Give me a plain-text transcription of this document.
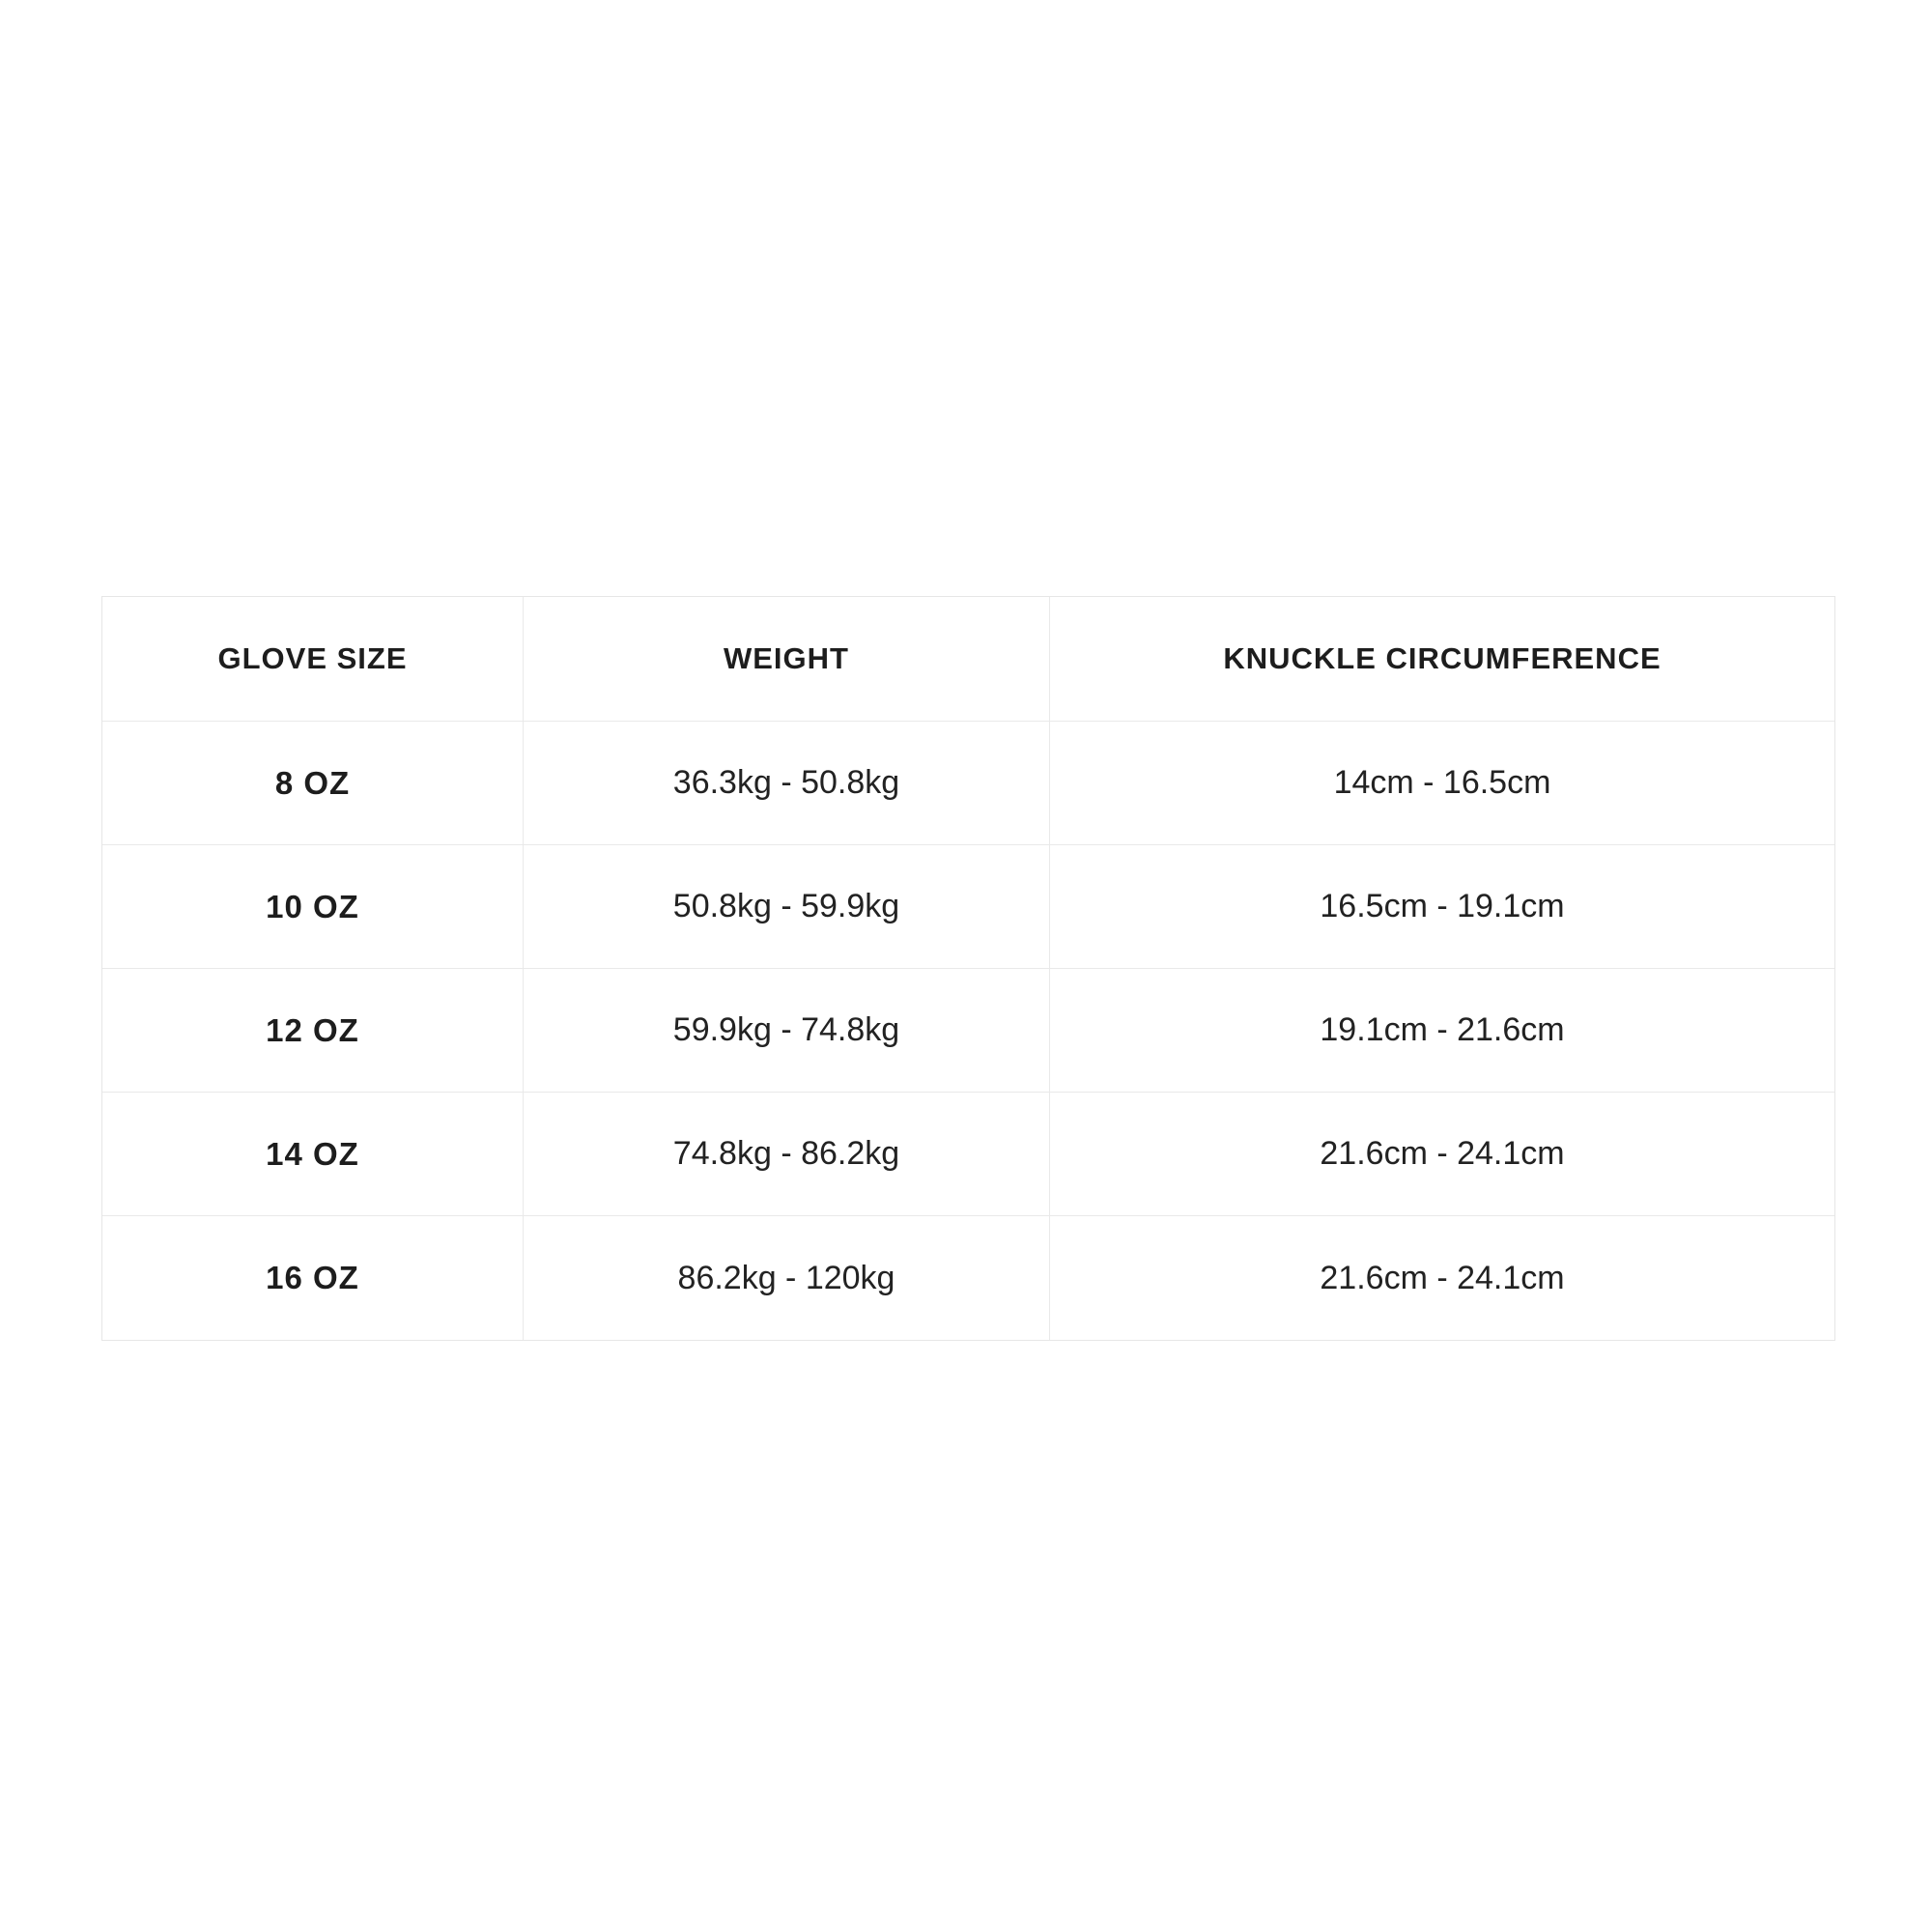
GLOVE SIZE	WEIGHT	KNUCKLE CIRCUMFERENCE
8 OZ	36.3kg - 50.8kg	14cm - 16.5cm
10 OZ	50.8kg - 59.9kg	16.5cm - 19.1cm
12 OZ	59.9kg - 74.8kg	19.1cm - 21.6cm
14 OZ	74.8kg - 86.2kg	21.6cm - 24.1cm
16 OZ	86.2kg - 120kg	21.6cm - 24.1cm
